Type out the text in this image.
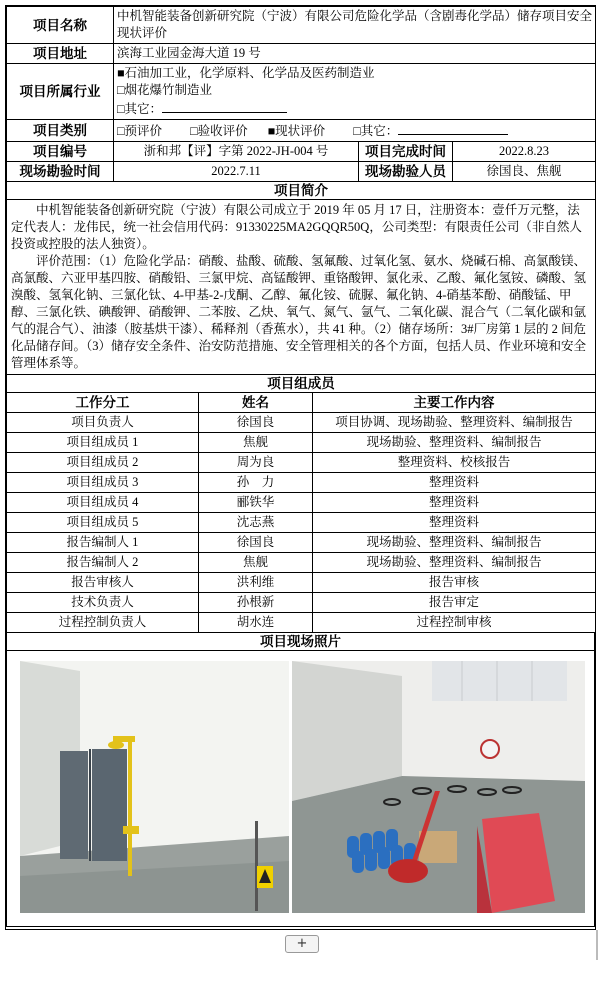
项目名称	中机智能装备创新研究院（宁波）有限公司危险化学品（含剧毒化学品）储存项目安全现状评价		
项目地址	滨海工业园金海大道 19 号		
项目所属行业	■石油加工业，化学原料、化学品及医药制造业
□烟花爆竹制造业
□其它：		

项目类别	□预评价 □验收评价 ■现状评价 □其它：		
项目编号	浙和邦【评】字第 2022-JH-004 号	项目完成时间	2022.8.23
现场勘验时间	2022.7.11	现场勘验人员	徐国良、焦舰
项目简介			

中机智能装备创新研究院（宁波）有限公司成立于 2019 年 05 月 17 日，注册资本：壹仟万元整，法定代表人：龙伟民，统一社会信用代码：91330225MA2GQQR50Q，公司类型：有限责任公司（非自然人投资或控股的法人独资）。

评价范围：（1）危险化学品：硝酸、盐酸、硫酸、氢氟酸、过氧化氢、氨水、烧碱石棉、高氯酸镁、高氯酸、六亚甲基四胺、硝酸铅、三氯甲烷、高锰酸钾、重铬酸钾、氯化汞、乙酸、氟化氢铵、磷酸、氢溴酸、氢氧化钠、三氯化钛、4-甲基-2-戊酮、乙醇、氟化铵、硫脲、氟化钠、4-硝基苯酚、硝酸锰、甲醇、三氯化铁、碘酸钾、硝酸钾、二苯胺、乙炔、氧气、氮气、氩气、二氧化碳、混合气（二氧化碳和氩气的混合气）、油漆（胺基烘干漆）、稀释剂（香蕉水），共 41 种。（2）储存场所：3#厂房第 1 层的 2 间危化品储存间。（3）储存安全条件、治安防范措施、安全管理相关的各个方面，包括人员、作业环境和安全管理体系等。			

项目组成员			
工作分工	姓名	主要工作内容
项目负责人	徐国良	项目协调、现场勘验、整理资料、编制报告
项目组成员 1	焦舰	现场勘验、整理资料、编制报告
项目组成员 2	周为良	整理资料、校核报告
项目组成员 3	孙　力	整理资料
项目组成员 4	郦铁华	整理资料
项目组成员 5	沈志燕	整理资料
报告编制人 1	徐国良	现场勘验、整理资料、编制报告
报告编制人 2	焦舰	现场勘验、整理资料、编制报告
报告审核人	洪利维	报告审核
技术负责人	孙根新	报告审定
过程控制负责人	胡水连	过程控制审核
项目现场照片

+
